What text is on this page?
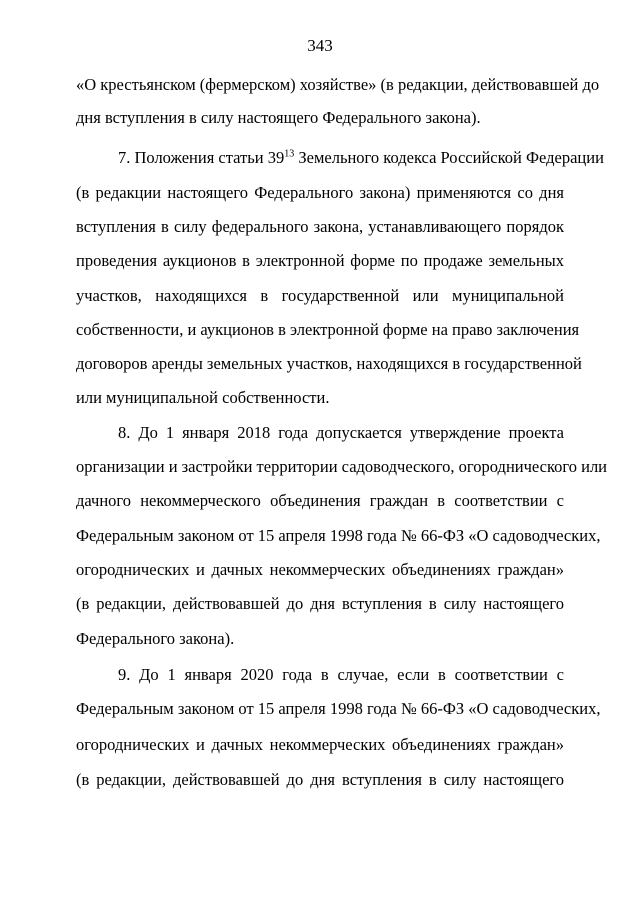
343
«О крестьянском (фермерском) хозяйстве» (в редакции, действовавшей до
дня вступления в силу настоящего Федерального закона).
7. Положения статьи $39^{13}$ Земельного кодекса Российской Федерации
(в редакции настоящего Федерального закона) применяются со дня
вступления в силу федерального закона, устанавливающего порядок
проведения аукционов в электронной форме по продаже земельных
участков, находящихся в государственной или муниципальной
собственности, и аукционов в электронной форме на право заключения
договоров аренды земельных участков, находящихся в государственной
или муниципальной собственности.
8. До 1 января 2018 года допускается утверждение проекта
организации и застройки территории садоводческого, огороднического или
дачного некоммерческого объединения граждан в соответствии с
Федеральным законом от 15 апреля 1998 года № 66-ФЗ «О садоводческих,
огороднических и дачных некоммерческих объединениях граждан»
(в редакции, действовавшей до дня вступления в силу настоящего
Федерального закона).
9. До 1 января 2020 года в случае, если в соответствии с
Федеральным законом от 15 апреля 1998 года № 66-ФЗ «О садоводческих,
огороднических и дачных некоммерческих объединениях граждан»
(в редакции, действовавшей до дня вступления в силу настоящего
